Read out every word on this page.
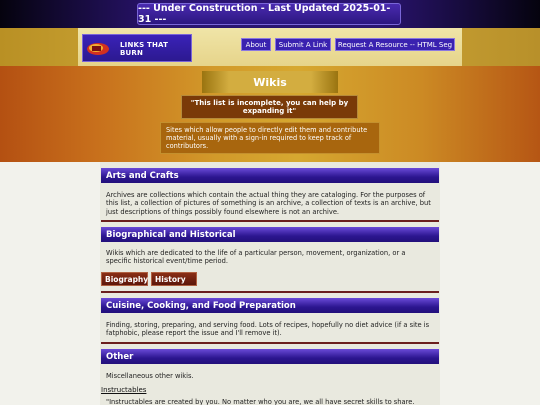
--- Under Construction - Last Updated 2025-01-31 ---
LINKS THAT BURN
About	Submit A Link	Request A Resource -- HTML Seg
Wikis
"This list is incomplete, you can help by expanding it"
Sites which allow people to directly edit them and contribute material, usually with a sign-in required to keep track of contributors.
Arts and Crafts
Archives are collections which contain the actual thing they are cataloging. For the purposes of this list, a collection of pictures of something is an archive, a collection of texts is an archive, but just descriptions of things possibly found elsewhere is not an archive.
Biographical and Historical
Wikis which are dedicated to the life of a particular person, movement, organization, or a specific historical event/time period.
Biography History
Cuisine, Cooking, and Food Preparation
Finding, storing, preparing, and serving food. Lots of recipes, hopefully no diet advice (if a site is fatphobic, please report the issue and I'll remove it).
Other
Miscellaneous other wikis.
Instructables
"Instructables are created by you. No matter who you are, we all have secret skills to share.
